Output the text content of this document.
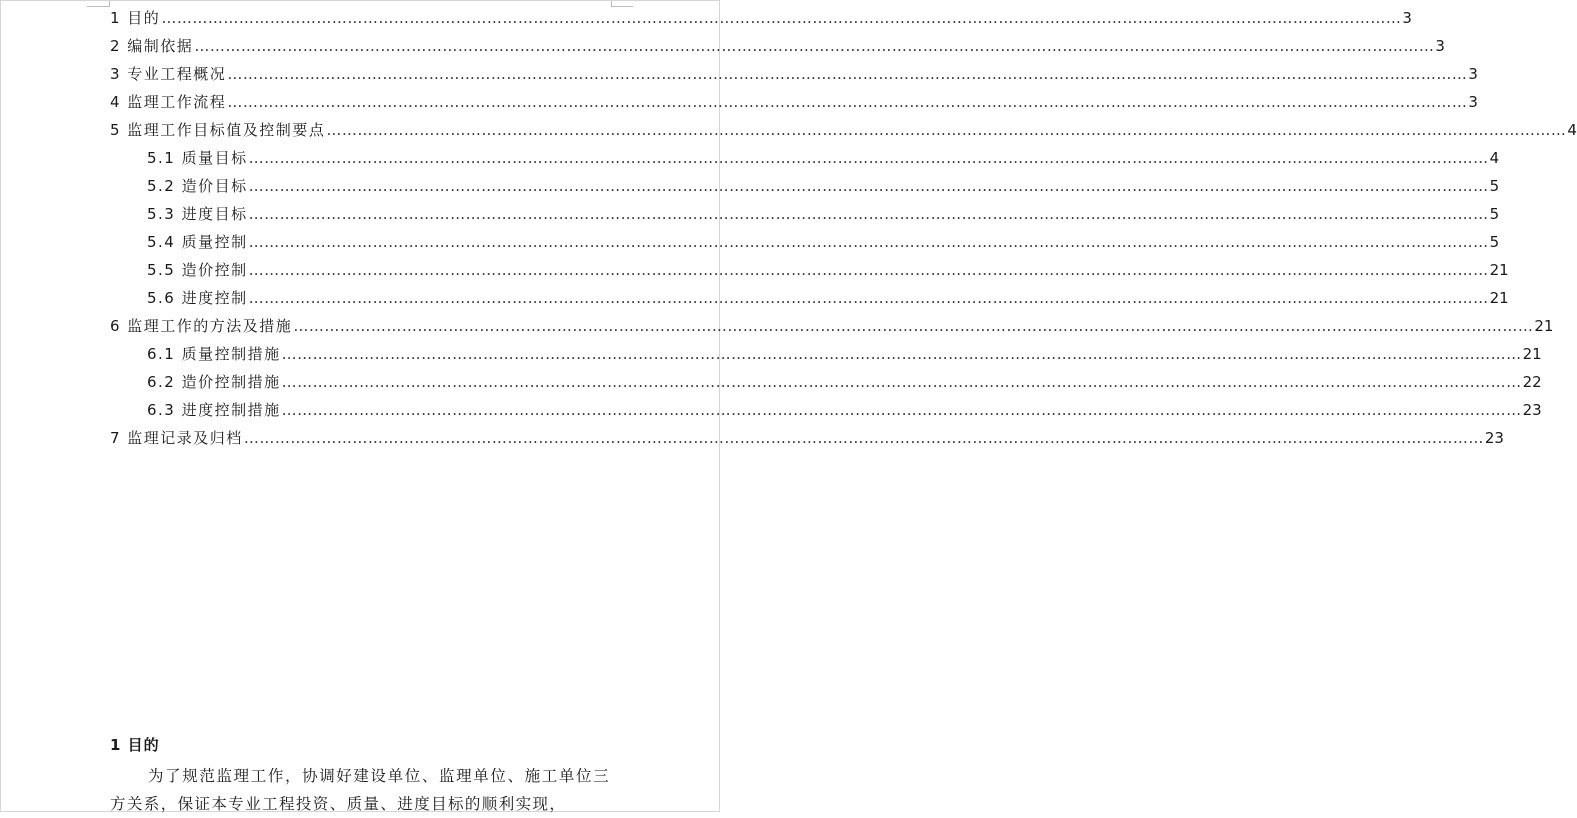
1 目的 …………………………………………………………………………………………………………………………………………………………………………………………………………………… 3
2 编制依据 …………………………………………………………………………………………………………………………………………………………………………………………………………………… 3
3 专业工程概况 …………………………………………………………………………………………………………………………………………………………………………………………………………………… 3
4 监理工作流程 …………………………………………………………………………………………………………………………………………………………………………………………………………………… 3
5 监理工作目标值及控制要点 …………………………………………………………………………………………………………………………………………………………………………………………………………………… 4
5.1 质量目标 …………………………………………………………………………………………………………………………………………………………………………………………………………………… 4
5.2 造价目标 …………………………………………………………………………………………………………………………………………………………………………………………………………………… 5
5.3 进度目标 …………………………………………………………………………………………………………………………………………………………………………………………………………………… 5
5.4 质量控制 …………………………………………………………………………………………………………………………………………………………………………………………………………………… 5
5.5 造价控制 …………………………………………………………………………………………………………………………………………………………………………………………………………………… 21
5.6 进度控制 …………………………………………………………………………………………………………………………………………………………………………………………………………………… 21
6 监理工作的方法及措施 …………………………………………………………………………………………………………………………………………………………………………………………………………………… 21
6.1 质量控制措施 …………………………………………………………………………………………………………………………………………………………………………………………………………………… 21
6.2 造价控制措施 …………………………………………………………………………………………………………………………………………………………………………………………………………………… 22
6.3 进度控制措施 …………………………………………………………………………………………………………………………………………………………………………………………………………………… 23
7 监理记录及归档 …………………………………………………………………………………………………………………………………………………………………………………………………………………… 23
1 目的
为了规范监理工作，协调好建设单位、监理单位、施工单位三方关系，保证本专业工程投资、质量、进度目标的顺利实现，
